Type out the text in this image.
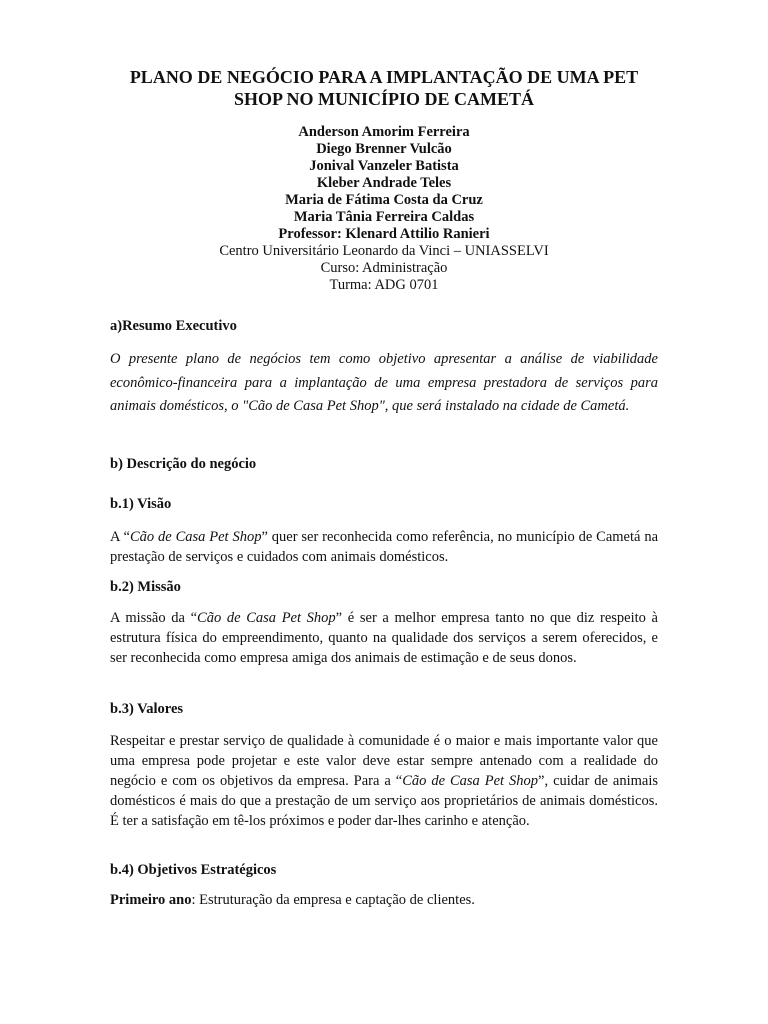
PLANO DE NEGÓCIO PARA A IMPLANTAÇÃO DE UMA PET
SHOP NO MUNICÍPIO DE CAMETÁ
Anderson Amorim Ferreira
Diego Brenner Vulcão
Jonival Vanzeler Batista
Kleber Andrade Teles
Maria de Fátima Costa da Cruz
Maria Tânia Ferreira Caldas
Professor: Klenard Attilio Ranieri
Centro Universitário Leonardo da Vinci – UNIASSELVI
Curso: Administração
Turma: ADG 0701
a)Resumo Executivo
O presente plano de negócios tem como objetivo apresentar a análise de viabilidade econômico-financeira para a implantação de uma empresa prestadora de serviços para animais domésticos, o "Cão de Casa Pet Shop", que será instalado na cidade de Cametá.
b) Descrição do negócio
b.1) Visão
A “Cão de Casa Pet Shop” quer ser reconhecida como referência, no município de Cametá na prestação de serviços e cuidados com animais domésticos.
b.2) Missão
A missão da “Cão de Casa Pet Shop” é ser a melhor empresa tanto no que diz respeito à estrutura física do empreendimento, quanto na qualidade dos serviços a serem oferecidos, e ser reconhecida como empresa amiga dos animais de estimação e de seus donos.
b.3) Valores
Respeitar e prestar serviço de qualidade à comunidade é o maior e mais importante valor que uma empresa pode projetar e este valor deve estar sempre antenado com a realidade do negócio e com os objetivos da empresa. Para a “Cão de Casa Pet Shop”, cuidar de animais domésticos é mais do que a prestação de um serviço aos proprietários de animais domésticos. É ter a satisfação em tê-los próximos e poder dar-lhes carinho e atenção.
b.4) Objetivos Estratégicos
Primeiro ano: Estruturação da empresa e captação de clientes.
